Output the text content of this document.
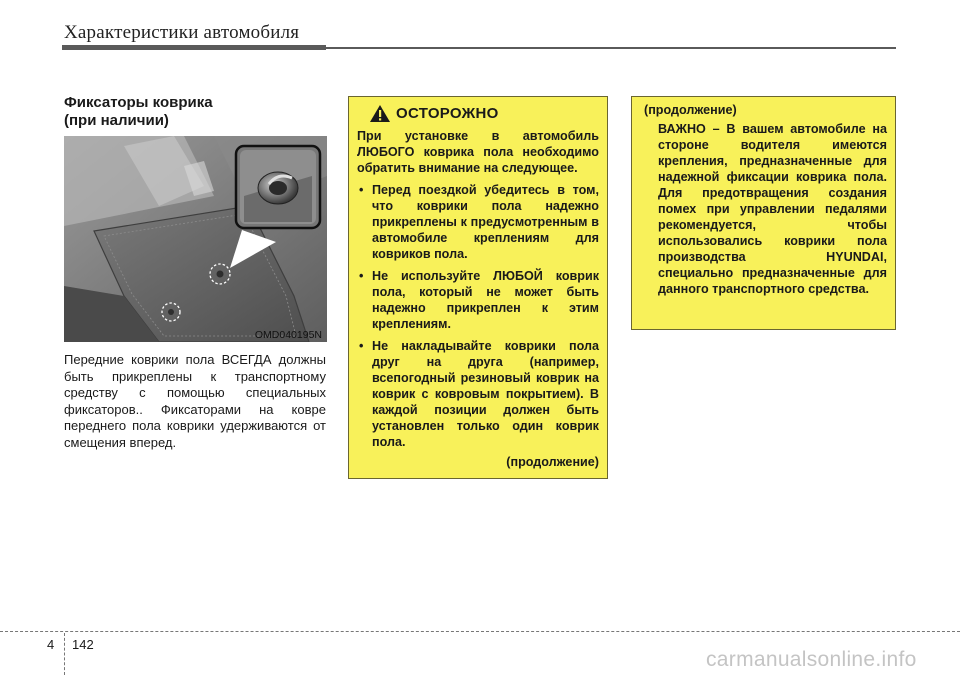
Характеристики автомобиля
Фиксаторы коврика
(при наличии)
OMD040195N
Передние коврики пола ВСЕГДА должны быть прикреплены к транспортному средству с помощью специальных фиксаторов.. Фиксаторами на ковре переднего пола коврики удерживаются от смещения вперед.
ОСТОРОЖНО

При установке в автомобиль ЛЮБОГО коврика пола необходимо обратить внимание на следующее.

• Перед поездкой убедитесь в том, что коврики пола надежно прикреплены к предусмотренным в автомобиле креплениям для ковриков пола.
• Не используйте ЛЮБОЙ коврик пола, который не может быть надежно прикреплен к этим креплениям.
• Не накладывайте коврики пола друг на друга (например, всепогодный резиновый коврик на коврик с ковровым покрытием). В каждой позиции должен быть установлен только один коврик пола.
(продолжение)
(продолжение)

ВАЖНО – В вашем автомобиле на стороне водителя имеются крепления, предназначенные для надежной фиксации коврика пола. Для предотвращения создания помех при управлении педалями рекомендуется, чтобы использовались коврики пола производства HYUNDAI, специально предназначенные для данного транспортного средства.

4 142
carmanualsonline.info
